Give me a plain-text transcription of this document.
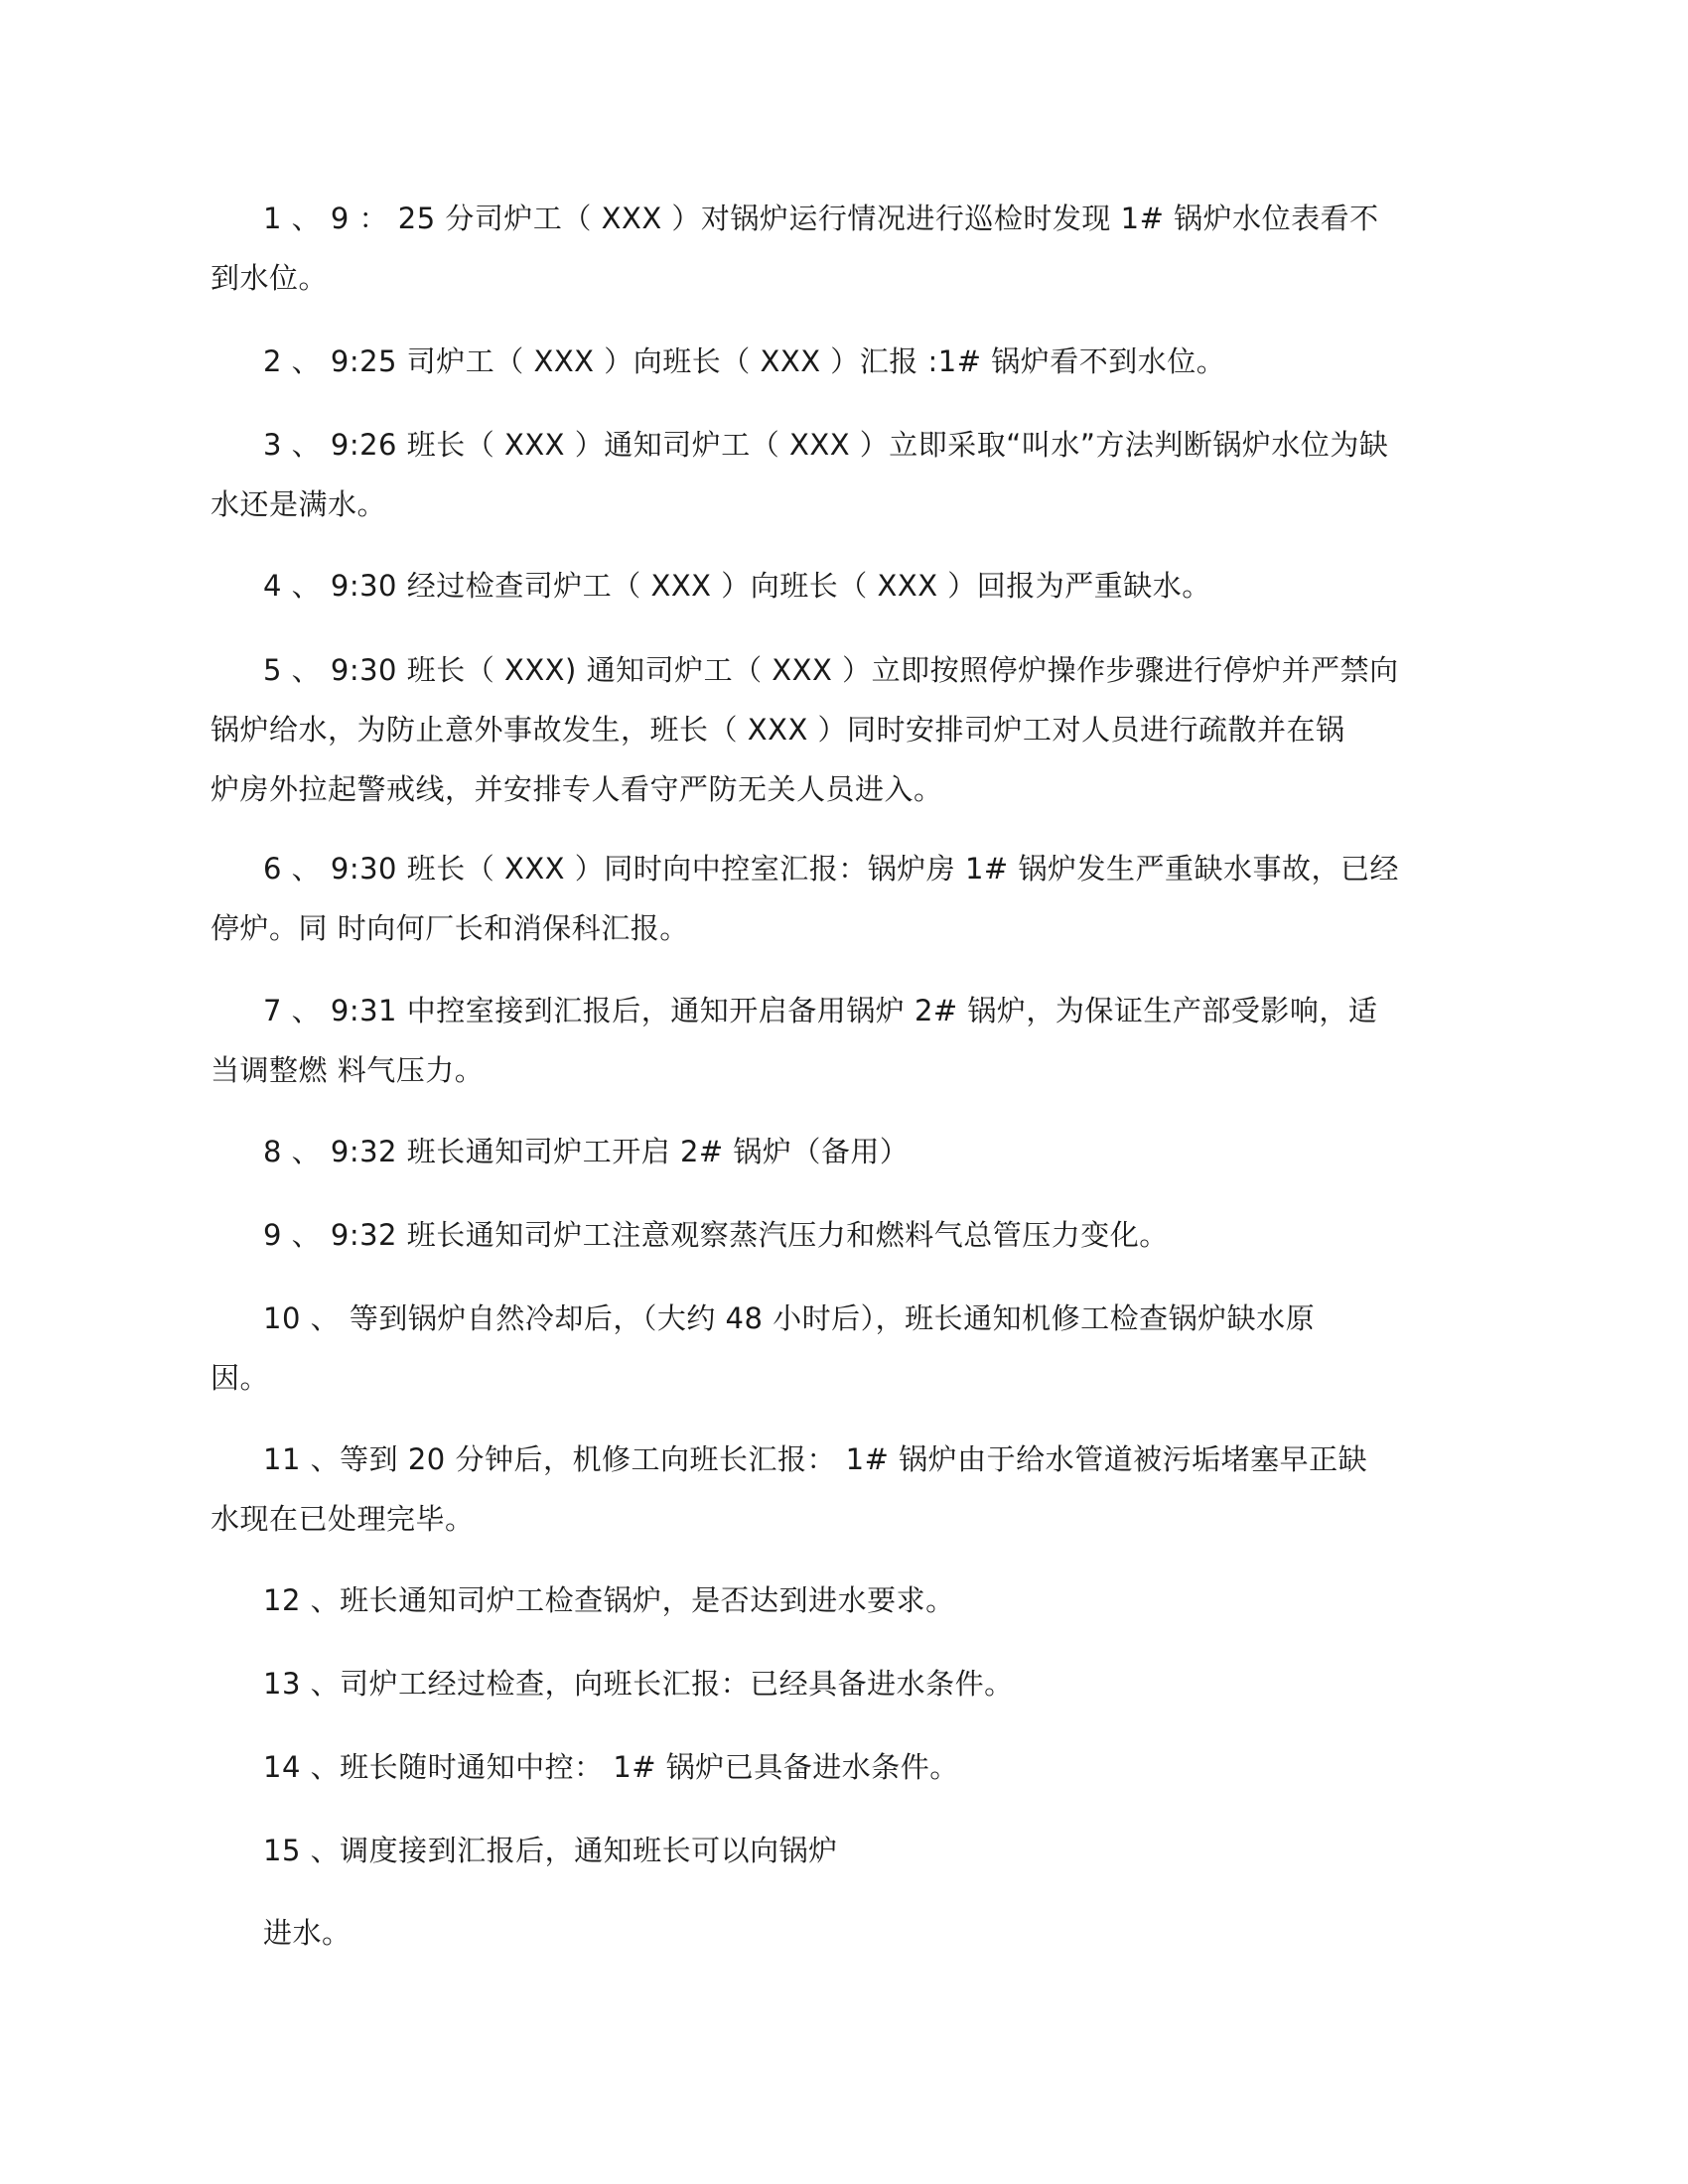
1 、 9 ： 25 分司炉工（ XXX ）对锅炉运行情况进行巡检时发现 1# 锅炉水位表看不
到水位。

2 、 9:25 司炉工（ XXX ）向班长（ XXX ）汇报 :1# 锅炉看不到水位。

3 、 9:26 班长（ XXX ）通知司炉工（ XXX ）立即采取“叫水”方法判断锅炉水位为缺
水还是满水。

4 、 9:30 经过检查司炉工（ XXX ）向班长（ XXX ）回报为严重缺水。

5 、 9:30 班长（ XXX) 通知司炉工（ XXX ）立即按照停炉操作步骤进行停炉并严禁向
锅炉给水，为防止意外事故发生，班长（ XXX ）同时安排司炉工对人员进行疏散并在锅
炉房外拉起警戒线，并安排专人看守严防无关人员进入。

6 、 9:30 班长（ XXX ）同时向中控室汇报：锅炉房 1# 锅炉发生严重缺水事故，已经
停炉。同 时向何厂长和消保科汇报。

7 、 9:31 中控室接到汇报后，通知开启备用锅炉 2# 锅炉，为保证生产部受影响，适
当调整燃 料气压力。

8 、 9:32 班长通知司炉工开启 2# 锅炉（备用）

9 、 9:32 班长通知司炉工注意观察蒸汽压力和燃料气总管压力变化。

10 、 等到锅炉自然冷却后，（大约 48 小时后），班长通知机修工检查锅炉缺水原
因。

11 、等到 20 分钟后，机修工向班长汇报： 1# 锅炉由于给水管道被污垢堵塞早正缺
水现在已处理完毕。

12 、班长通知司炉工检查锅炉，是否达到进水要求。

13 、司炉工经过检查，向班长汇报：已经具备进水条件。

14 、班长随时通知中控： 1# 锅炉已具备进水条件。

15 、调度接到汇报后，通知班长可以向锅炉

进水。
